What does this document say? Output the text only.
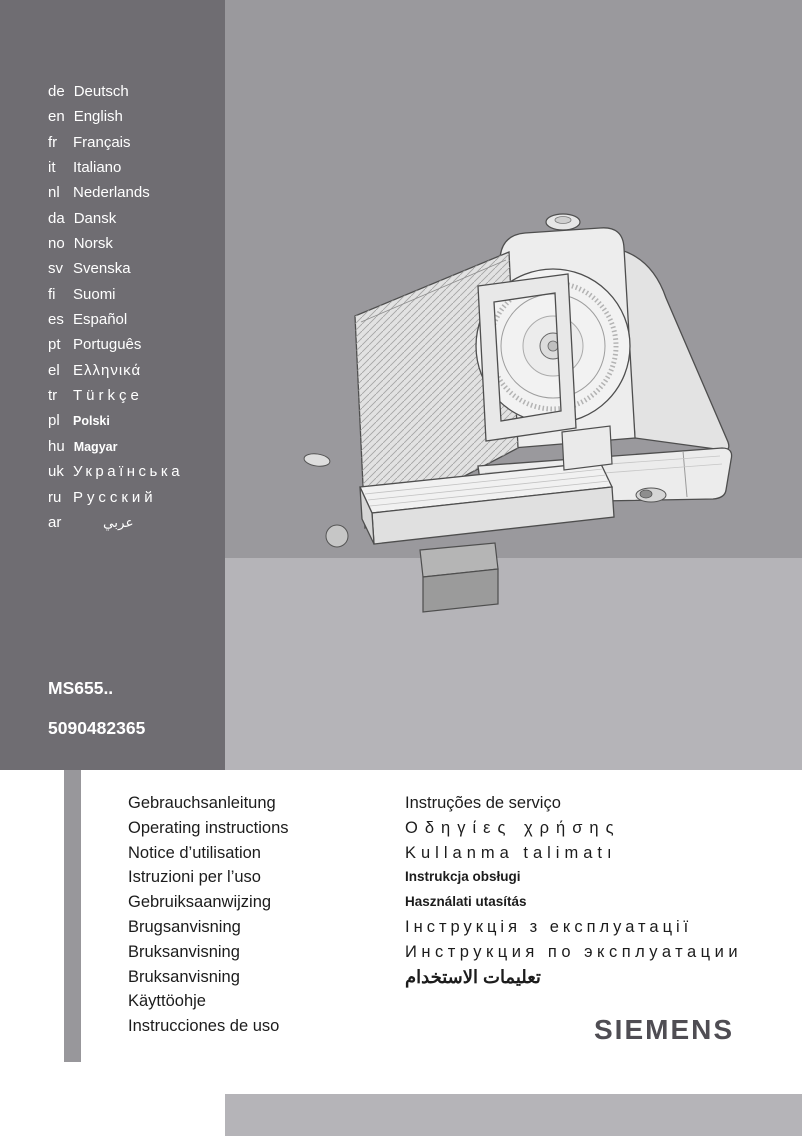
de Deutsch
en English
fr Français
it Italiano
nl Nederlands
da Dansk
no Norsk
sv Svenska
fi Suomi
es Español
pt Português
el Ελληνικά
tr Türkçe
pl Polski
hu Magyar
uk Українська
ru Русский
ar	عربي
MS655..
5090482365
Gebrauchsanleitung
Operating instructions
Notice d’utilisation
Istruzioni per l’uso
Gebruiksaanwijzing
Brugsanvisning
Bruksanvisning
Bruksanvisning
Käyttöohje
Instrucciones de uso
Instruções de serviço
Οδηγίες χρήσης
Kullanma talimatı
Instrukcja obsługi
Használati utasítás
Інструкція з експлуатації
Инструкция по эксплуатации
تعليمات الاستخدام
SIEMENS
